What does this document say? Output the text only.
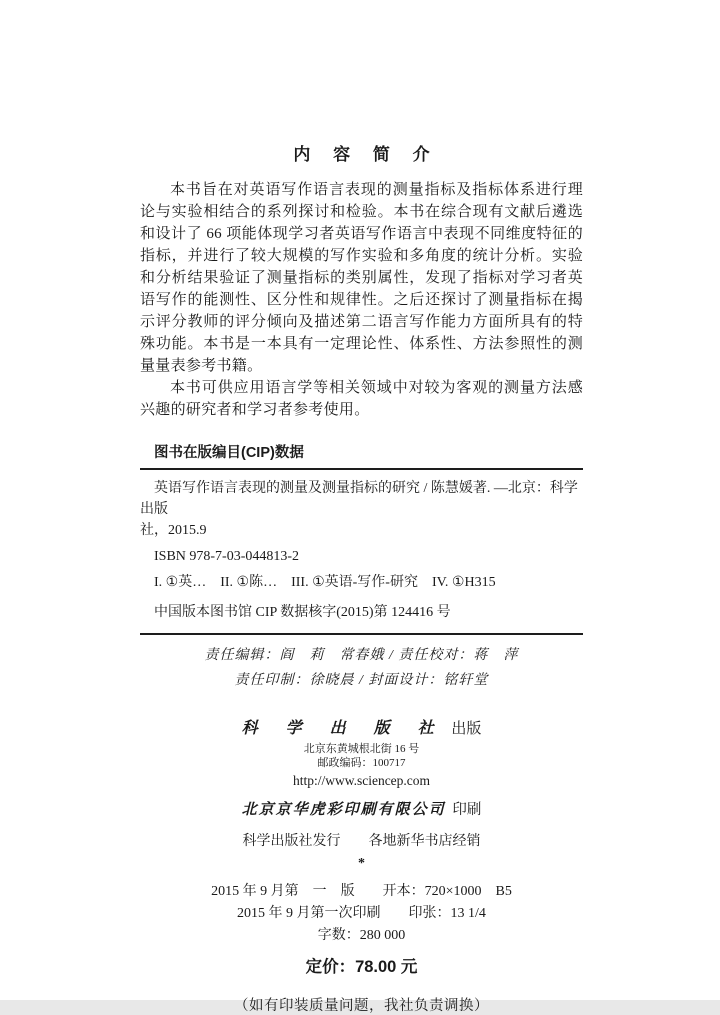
内 容 简 介

本书旨在对英语写作语言表现的测量指标及指标体系进行理论与实验相结合的系列探讨和检验。本书在综合现有文献后遴选和设计了 66 项能体现学习者英语写作语言中表现不同维度特征的指标，并进行了较大规模的写作实验和多角度的统计分析。实验和分析结果验证了测量指标的类别属性，发现了指标对学习者英语写作的能测性、区分性和规律性。之后还探讨了测量指标在揭示评分教师的评分倾向及描述第二语言写作能力方面所具有的特殊功能。本书是一本具有一定理论性、体系性、方法参照性的测量量表参考书籍。

本书可供应用语言学等相关领域中对较为客观的测量方法感兴趣的研究者和学习者参考使用。

图书在版编目(CIP)数据

英语写作语言表现的测量及测量指标的研究 / 陈慧媛著. —北京：科学出版

社，2015.9

ISBN 978-7-03-044813-2

I. ①英…　II. ①陈…　III. ①英语-写作-研究　IV. ①H315

中国版本图书馆 CIP 数据核字(2015)第 124416 号

责任编辑：阎　莉　常春娥 / 责任校对：蒋　萍
责任印制：徐晓晨 / 封面设计：铭轩堂
科 学 出 版 社 出版
北京东黄城根北街 16 号
邮政编码：100717
http://www.sciencep.com
北京京华虎彩印刷有限公司 印刷
科学出版社发行　　各地新华书店经销
*
2015 年 9 月第　一　版　　开本：720×1000　B5
2015 年 9 月第一次印刷　　印张：13 1/4
字数：280 000
定价：78.00 元
（如有印装质量问题，我社负责调换）
